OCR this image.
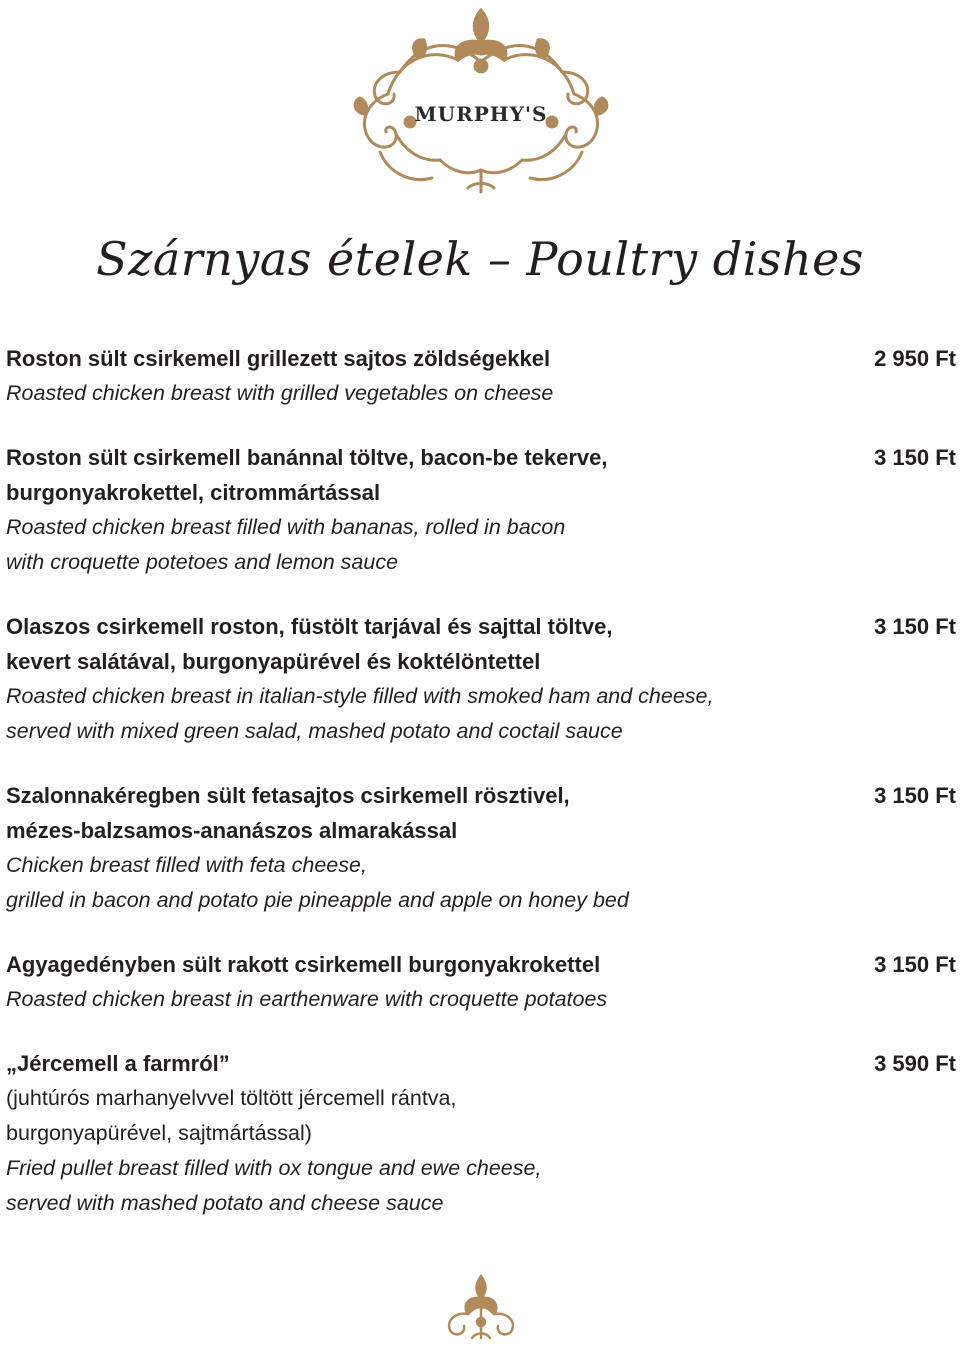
MURPHY'S
Szárnyas ételek – Poultry dishes
Roston sült csirkemell grillezett sajtos zöldségekkel
Roasted chicken breast with grilled vegetables on cheese
2 950 Ft
Roston sült csirkemell banánnal töltve, bacon-be tekerve,
burgonyakrokettel, citrommártással
Roasted chicken breast filled with bananas, rolled in bacon
with croquette potetoes and lemon sauce
3 150 Ft
Olaszos csirkemell roston, füstölt tarjával és sajttal töltve,
kevert salátával, burgonyapürével és koktélöntettel
Roasted chicken breast in italian-style filled with smoked ham and cheese,
served with mixed green salad, mashed potato and coctail sauce
3 150 Ft
Szalonnakéregben sült fetasajtos csirkemell rösztivel,
mézes-balzsamos-ananászos almarakással
Chicken breast filled with feta cheese,
grilled in bacon and potato pie pineapple and apple on honey bed
3 150 Ft
Agyagedényben sült rakott csirkemell burgonyakrokettel
Roasted chicken breast in earthenware with croquette potatoes
3 150 Ft
„Jércemell a farmról”
(juhtúrós marhanyelvvel töltött jércemell rántva,
burgonyapürével, sajtmártással)
Fried pullet breast filled with ox tongue and ewe cheese,
served with mashed potato and cheese sauce
3 590 Ft
